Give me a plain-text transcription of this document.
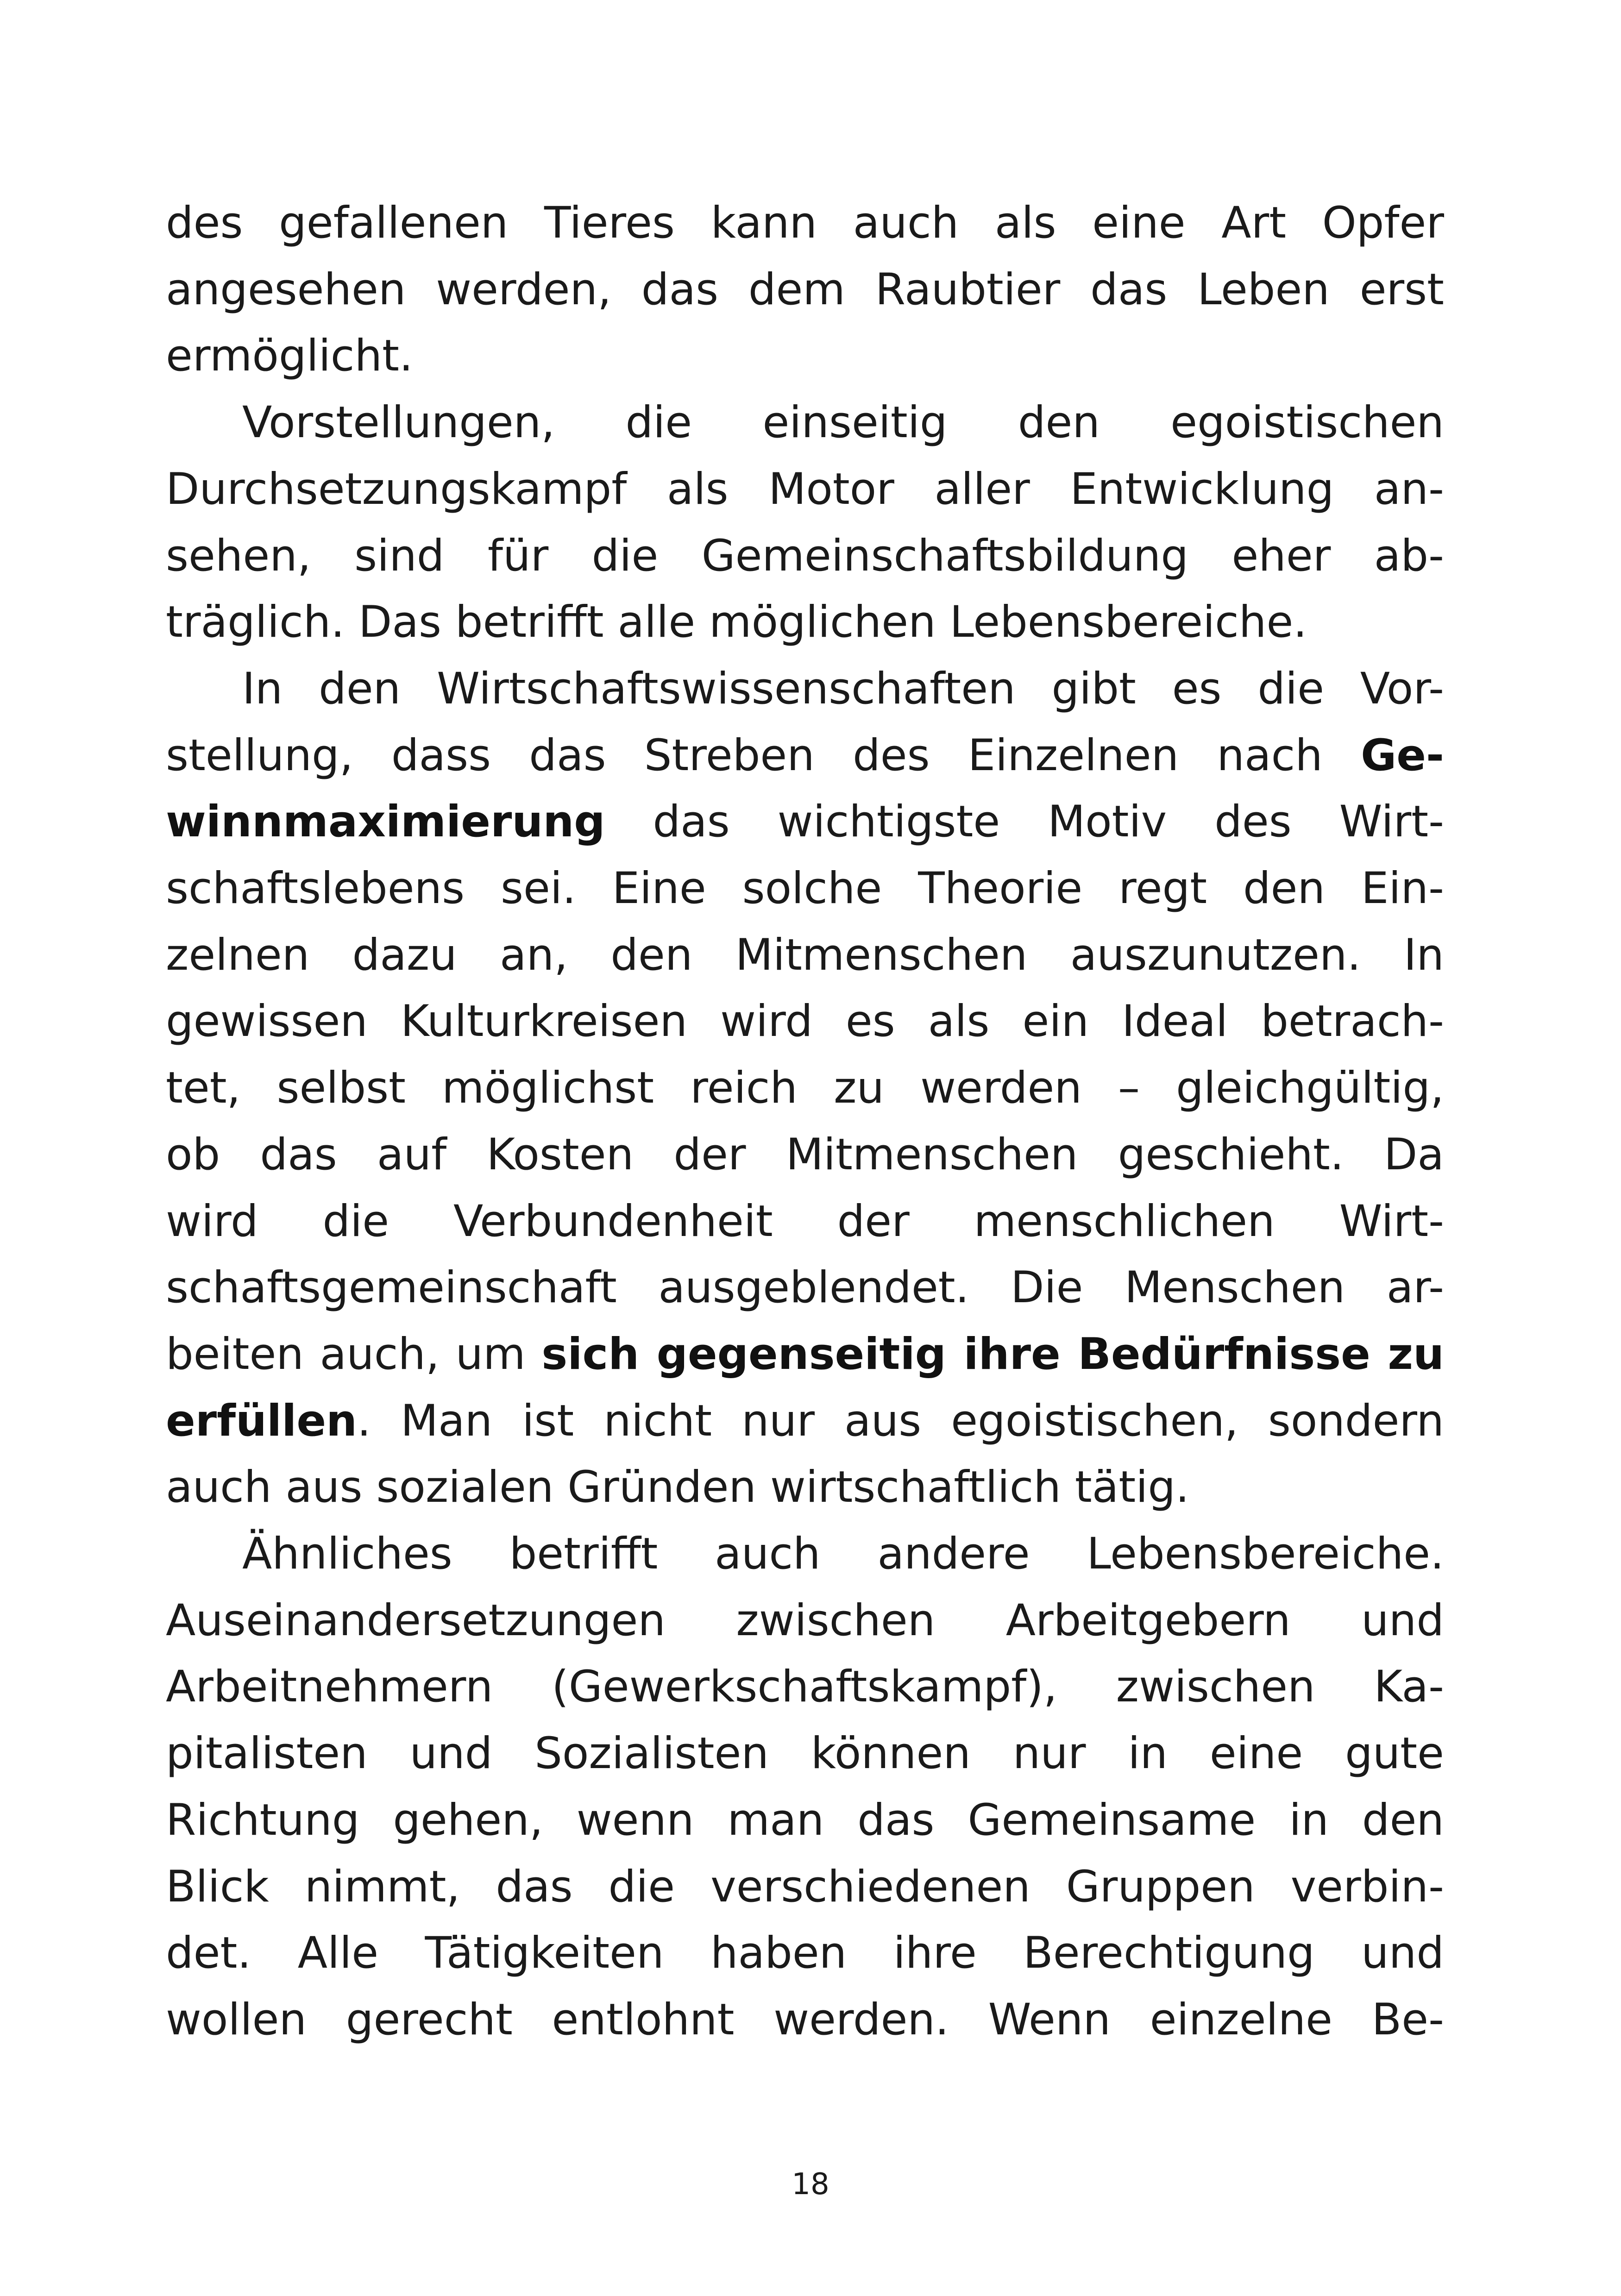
des gefallenen Tieres kann auch als eine Art Opfer
angesehen werden, das dem Raubtier das Leben erst
ermöglicht.
Vorstellungen, die einseitig den egoistischen
Durchsetzungskampf als Motor aller Entwicklung an-
sehen, sind für die Gemeinschaftsbildung eher ab-
träglich. Das betrifft alle möglichen Lebensbereiche.
In den Wirtschaftswissenschaften gibt es die Vor-
stellung, dass das Streben des Einzelnen nach Ge-
winnmaximierung das wichtigste Motiv des Wirt-
schaftslebens sei. Eine solche Theorie regt den Ein-
zelnen dazu an, den Mitmenschen auszunutzen. In
gewissen Kulturkreisen wird es als ein Ideal betrach-
tet, selbst möglichst reich zu werden – gleichgültig,
ob das auf Kosten der Mitmenschen geschieht. Da
wird die Verbundenheit der menschlichen Wirt-
schaftsgemeinschaft ausgeblendet. Die Menschen ar-
beiten auch, um sich gegenseitig ihre Bedürfnisse zu
erfüllen. Man ist nicht nur aus egoistischen, sondern
auch aus sozialen Gründen wirtschaftlich tätig.
Ähnliches betrifft auch andere Lebensbereiche.
Auseinandersetzungen zwischen Arbeitgebern und
Arbeitnehmern (Gewerkschaftskampf), zwischen Ka-
pitalisten und Sozialisten können nur in eine gute
Richtung gehen, wenn man das Gemeinsame in den
Blick nimmt, das die verschiedenen Gruppen verbin-
det. Alle Tätigkeiten haben ihre Berechtigung und
wollen gerecht entlohnt werden. Wenn einzelne Be-
18
